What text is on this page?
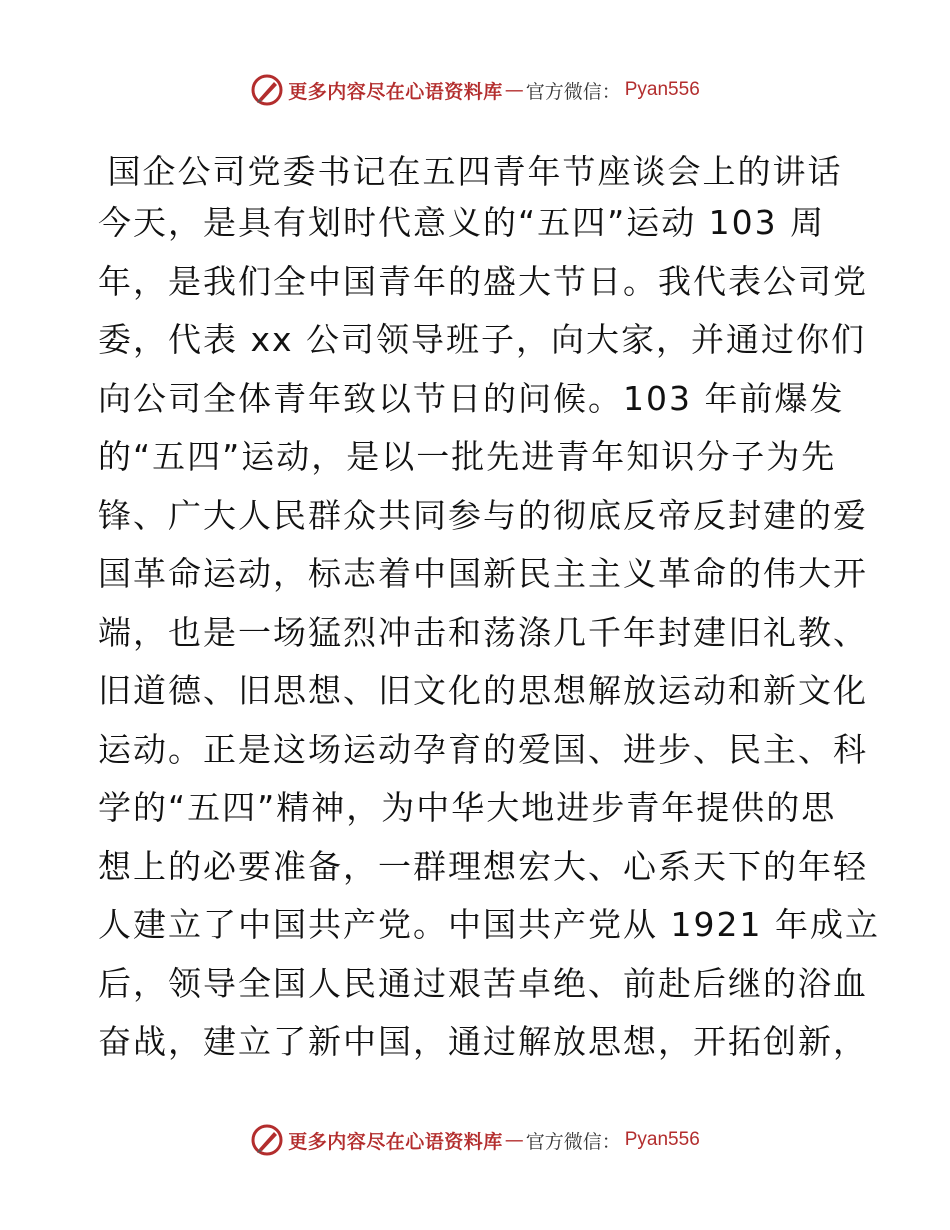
更多内容尽在心语资料库 — 官方微信： Pyan556
国企公司党委书记在五四青年节座谈会上的讲话
今天，是具有划时代意义的“五四”运动 103 周
年，是我们全中国青年的盛大节日。我代表公司党
委，代表 xx 公司领导班子，向大家，并通过你们
向公司全体青年致以节日的问候。103 年前爆发
的“五四”运动，是以一批先进青年知识分子为先
锋、广大人民群众共同参与的彻底反帝反封建的爱
国革命运动，标志着中国新民主主义革命的伟大开
端，也是一场猛烈冲击和荡涤几千年封建旧礼教、
旧道德、旧思想、旧文化的思想解放运动和新文化
运动。正是这场运动孕育的爱国、进步、民主、科
学的“五四”精神，为中华大地进步青年提供的思
想上的必要准备，一群理想宏大、心系天下的年轻
人建立了中国共产党。中国共产党从 1921 年成立
后，领导全国人民通过艰苦卓绝、前赴后继的浴血
奋战，建立了新中国，通过解放思想，开拓创新，
更多内容尽在心语资料库 — 官方微信： Pyan556
